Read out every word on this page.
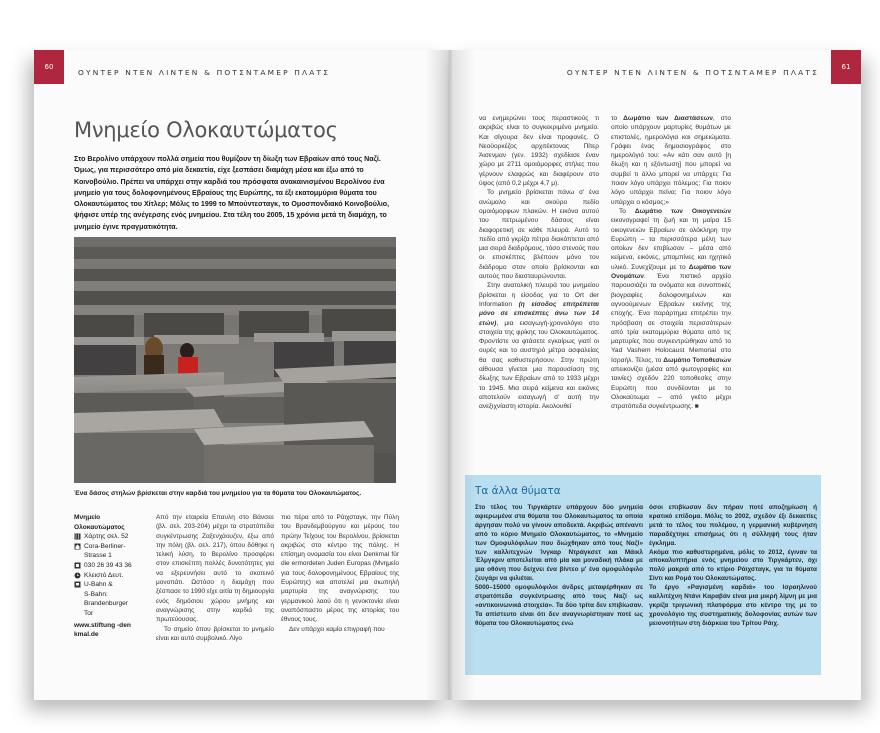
60
ΟΥΝΤΕΡ ΝΤΕΝ ΛΙΝΤΕΝ & ΠΟΤΣΝΤΑΜΕΡ ΠΛΑΤΣ
Μνημείο Ολοκαυτώματος
Στο Βερολίνο υπάρχουν πολλά σημεία που θυμίζουν τη δίωξη των Εβραίων από τους Ναζί. Όμως, για περισσότερο από μία δεκαετία, είχε ξεσπάσει διαμάχη μέσα και έξω από το Κοινοβούλιο. Πρέπει να υπάρχει στην καρδιά του πρόσφατα ανακαινισμένου Βερολίνου ένα μνημείο για τους δολοφονημένους Εβραίους της Ευρώπης, τα έξι εκατομμύρια θύματα του Ολοκαυτώματος του Χίτλερ; Μόλις το 1999 το Μπούντεσταγκ, το Ομοσπονδιακό Κοινοβούλιο, ψήφισε υπέρ της ανέγερσης ενός μνημείου. Στα τέλη του 2005, 15 χρόνια μετά τη διαμάχη, το μνημείο έγινε πραγματικότητα.
Ένα δάσος στηλών βρίσκεται στην καρδιά του μνημείου για τα θύματα του Ολοκαυτώματος.
Mνημείο Ολοκαυτώματος
Χάρτης σελ. 52
Cora-Berliner-
Strasse 1
030 26 39 43 36
Κλειστό Δευτ.
U-Bahn &
S-Bahn:
Brandenburger
Tor
www.stiftung -den
kmal.de

Από την εταιρεία Επαυλη στο Βάνσεε (βλ. σελ. 203-204) μέχρι τα στρατόπεδα συγκέντρωσης Ζαξενχάουζεν, έξω από την πόλη (βλ. σελ. 217), όπου δόθηκε η τελική λύση, το Βερολίνο προσφέρει στον επισκέπτη πολλές δυνατότητες για να εξερευνήσει αυτό το σκοτεινό μονοπάτι. Ωστόσο η διαμάχη που ξέσπασε το 1990 είχε αιτία τη δημιουργία ενός δημόσιου χώρου μνήμης και αναγνώρισης στην καρδιά της πρωτεύουσας.

Το σημείο όπου βρίσκεται το μνημείο είναι και αυτό συμβολικό. Λίγο

πιο πέρα από το Ράιχσταγκ, την Πύλη του Βρανδεμβούργου και μέρους του πρώην Τείχους του Βερολίνου, βρίσκεται ακριβώς στο κέντρο της πόλης. Η επίσημη ονομασία του είναι Denkmal für die ermordeten Juden Europas (Μνημείο για τους δολοφονημένους Εβραίους της Ευρώπης) και αποτελεί μια σιωπηλή μαρτυρία της αναγνώρισης του γερμανικού λαού ότι η γενοκτονία είναι αναπόσπαστο μέρος της ιστορίας του έθνους τους.

Δεν υπάρχει καμία επιγραφή που

61
ΟΥΝΤΕΡ ΝΤΕΝ ΛΙΝΤΕΝ & ΠΟΤΣΝΤΑΜΕΡ ΠΛΑΤΣ

να ενημερώνει τους περαστικούς τι ακριβώς είναι το συγκεκριμένο μνημείο. Και σίγουρα δεν είναι προφανές. Ο Νεοϋορκέζος αρχιτέκτονας Πίτερ Άισενμαν (γεν. 1932) σχεδίασε έναν χώρο με 2711 ομοιόμορφες στήλες που γέρνουν ελαφρώς και διαφέρουν στο ύψος (από 0,2 μέχρι 4,7 μ).

Το μνημείο βρίσκεται πάνω σ' ένα ανώμαλο και σκούρο πεδίο ομοιόμορφων πλακών. Η εικόνα αυτού του πετρωμένου δάσους είναι διαφορετική σε κάθε πλευρά. Αυτό το πεδίο από γκρίζα πέτρα διακόπτεται από μια σειρά διαδρόμους, τόσο στενούς που οι επισκέπτες βλέπουν μόνο τον διάδρομο στον οποίο βρίσκονται και αυτούς που διασταυρώνονται.

Στην ανατολική πλευρά του μνημείου βρίσκεται η είσοδος για το Ort der Information (η είσοδος επιτρέπεται μόνο σε επισκέπτες άνω των 14 ετών), μια εισαγωγή-χρονολόγιο στο στοιχεία της φρίκης του Ολοκαυτώματος. Φροντίστε να φτάσετε εγκαίρως γιατί οι ουρές και το αυστηρό μέτρα ασφαλείας θα σας καθυστερήσουν. Στην πρώτη αίθουσα γίνεται μια παρουσίαση της δίωξης των Εβραίων από το 1933 μέχρι το 1945. Μια σειρά κείμενα και εικόνες αποτελούν εισαγωγή σ' αυτή την ανεξιχνίαστη ιστορία. Ακολουθεί

το Δωμάτιο των Διαστάσεων, στο οποίο υπάρχουν μαρτυρίες θυμάτων με επιστολές, ημερολόγια και σημειώματα. Γράφει ένας δημοσιογράφος στο ημερολόγιό του: «Αν κάτι σαν αυτό [η δίωξη και η εξόντωση] που μπορεί να συμβεί τι άλλο μπορεί να υπάρχει; Για ποιον λόγο υπάρχει πόλεμος; Για ποιον λόγο υπάρχει πείνα; Για ποιον λόγο υπάρχει ο κόσμος;»

Το Δωμάτιο των Οικογενειών εικονογραφεί τη ζωή και τη μοίρα 15 οικογενειών Εβραίων σε ολόκληρη την Ευρώπη – τα περισσότερα μέλη των οποίων δεν επιβίωσαν – μέσα από κείμενα, εικόνες, μπομπίνες και ηχητικό υλικό. Συνεχίζουμε με το Δωμάτιο των Ονομάτων. Ένα πιστικό αρχείο παρουσιάζει τα ονόματα και συνοπτικές βιογραφίες δολοφονημένων και αγνοούμενων Εβραίων εκείνης της εποχής. Ένα παράρτημα επιτρέπει την πρόσβαση σε στοιχεία περισσότερων από τρία εκατομμύρια θύματα από τις μαρτυρίες που συγκεντρώθηκαν από το Yad Vashem Holocaust Memorial στο Ισραήλ. Τέλος, το Δωμάτιο Τοποθεσιών απεικονίζει (μέσα από φωτογραφίες και ταινίες) σχεδόν 220 τοποθεσίες στην Ευρώπη που συνδέονται με το Ολοκαύτωμα – από γκέτο μέχρι στρατόπεδα συγκέντρωσης. ■

Τα άλλα θύματα

Στο τέλος του Τιργκάρτεν υπάρχουν δύο μνημεία αφιερωμένα στα θύματα του Ολοκαυτώματος τα οποία άργησαν πολύ να γίνουν αποδεκτά. Ακριβώς απέναντι από το κύριο Μνημείο Ολοκαυτώματος, το «Μνημείο των Ομοφυλόφιλων που διώχθηκαν από τους Ναζί» των καλλιτεχνών Ίνγκαρ Ντράγκσετ και Μάικλ Έλμγκριν αποτελείται από μία και μοναδική πλάκα με μια οθόνη που δείχνει ένα βίντεο μ' ένα ομοφυλόφιλο ζευγάρι να φιλιέται.

5000–15000 ομοφυλόφιλοι άνδρες μεταφέρθηκαν σε στρατόπεδα συγκέντρωσης από τους Ναζί ως «αντικοινωνικά στοιχεία». Τα δύο τρίτα δεν επιβίωσαν. Τα απίστευτο είναι ότι δεν αναγνωρίστηκαν ποτέ ως θύματα του Ολοκαυτώματος ενώ

όσοι επιβίωσαν δεν πήραν ποτέ αποζημίωση ή κρατικό επίδομα. Μόλις το 2002, σχεδόν έξι δεκαετίες μετά το τέλος του πολέμου, η γερμανική κυβέρνηση παραδέχτηκε επισήμως ότι η σύλληψή τους ήταν έγκλημα.

Ακόμα πιο καθυστερημένα, μόλις το 2012, έγιναν τα αποκαλυπτήρια ενός μνημείου στο Τιργκάρτεν, όχι πολύ μακριά από το κτίριο Ράιχσταγκ, για τα θύματα Σίντι και Ρομά του Ολοκαυτώματος.

Το έργο «Ραγισμένη καρδιά» του Ισραηλινού καλλιτέχνη Ντάνι Καραβάν είναι μια μικρή λίμνη με μια γκρίζα τριγωνική πλατφόρμα στο κέντρο της με το χρονολόγιο της συστηματικής δολοφονίας αυτών των μειονοτήτων στη διάρκεια του Τρίτου Ράιχ.
